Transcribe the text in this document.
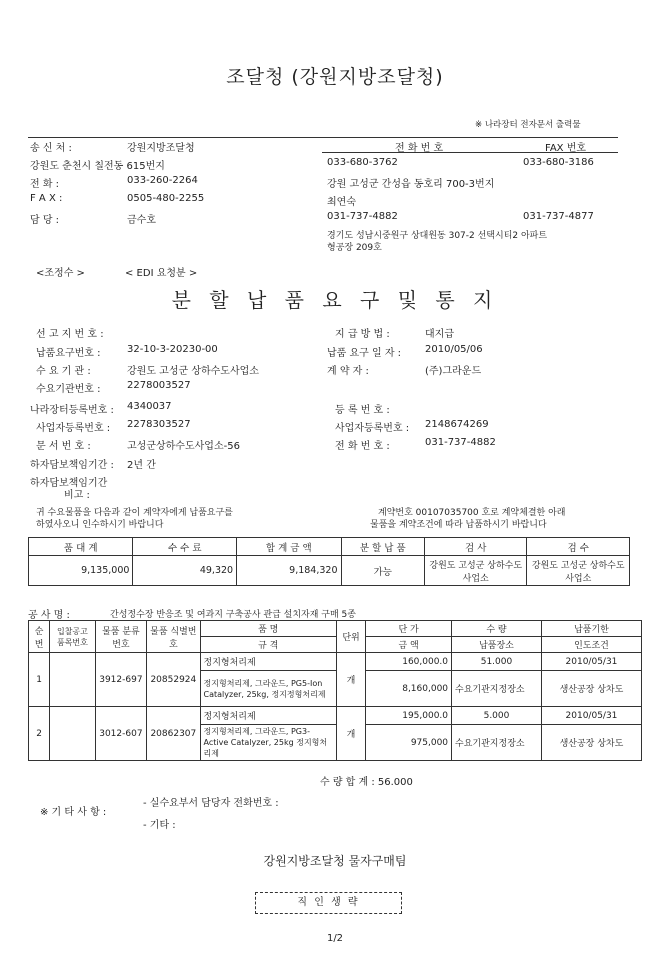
조달청 (강원지방조달청)
※ 나라장터 전자문서 출력물
송 신 처 :	강원지방조달청
강원도 춘천시 칠전동 615번지
전 화 :	033-260-2264
F A X :	0505-480-2255
담 당 :	금수호
전 화 번 호	FAX 번호
033-680-3762	033-680-3186
강원 고성군 간성읍 동호리 700-3번지
최연숙
031-737-4882	031-737-4877
경기도 성남시중원구 상대원동 307-2 선택시티2 아파트
형공장 209호
<조정수 >	< EDI 요청분 >
분 할 납 품 요 구 및 통 지
선 고 지 번 호 :	지 급 방 법 :	대지급
납품요구번호 :	32-10-3-20230-00	납품 요구 일 자 : 2010/05/06
수 요 기 관 :	강원도 고성군 상하수도사업소	계 약 자 :	(주)그라운드
수요기관번호 :	2278003527
나라장터등록번호 : 4340037	등 록 번 호 :
사업자등록번호 : 2278303527	사업자등록번호 : 2148674269
문 서 번 호 :	고성군상하수도사업소-56	전 화 번 호 :	031-737-4882
하자담보책임기간 : 2년 간
하자담보책임기간
비고 :
귀 수요물품을 다음과 같이 계약자에게 납품요구를	계약번호 00107035700 호로 계약체결한 아래
하였사오니 인수하시기 바랍니다	물품을 계약조건에 따라 납품하시기 바랍니다
품 대 계	수 수 료	합 계 금 액	분 할 납 품	검 사	검 수
9,135,000	49,320	9,184,320	가능	강원도 고성군 상하수도사업소	강원도 고성군 상하수도사업소
공 사 명 :	간성정수장 반응조 및 여과지 구축공사 관급 설치자재 구매 5종
순번	입찰공고 품목번호	물품 분류번호	물품 식별번호	품 명	단위	단 가	수 량	납품기한
				규 격		금 액	납품장소	인도조건
1		3912-697	20852924	정지형처리제	개	160,000.0	51.000	2010/05/31
				정지형처리제, 그라운드, PG5-Ion Catalyzer, 25kg, 정지정형처리제		8,160,000	수요기관지정장소	생산공장 상차도
2		3012-607	20862307	정지형처리제	개	195,000.0	5.000	2010/05/31
				정지형처리제, 그라운드, PG3-Active Catalyzer, 25kg 정지형처리제		975,000	수요기관지정장소	생산공장 상차도
수 량 합 계 : 56.000
※ 기 타 사 항 :
- 실수요부서 담당자 전화번호 :
- 기타 :
강원지방조달청 물자구매팀
직 인 생 략
1/2
